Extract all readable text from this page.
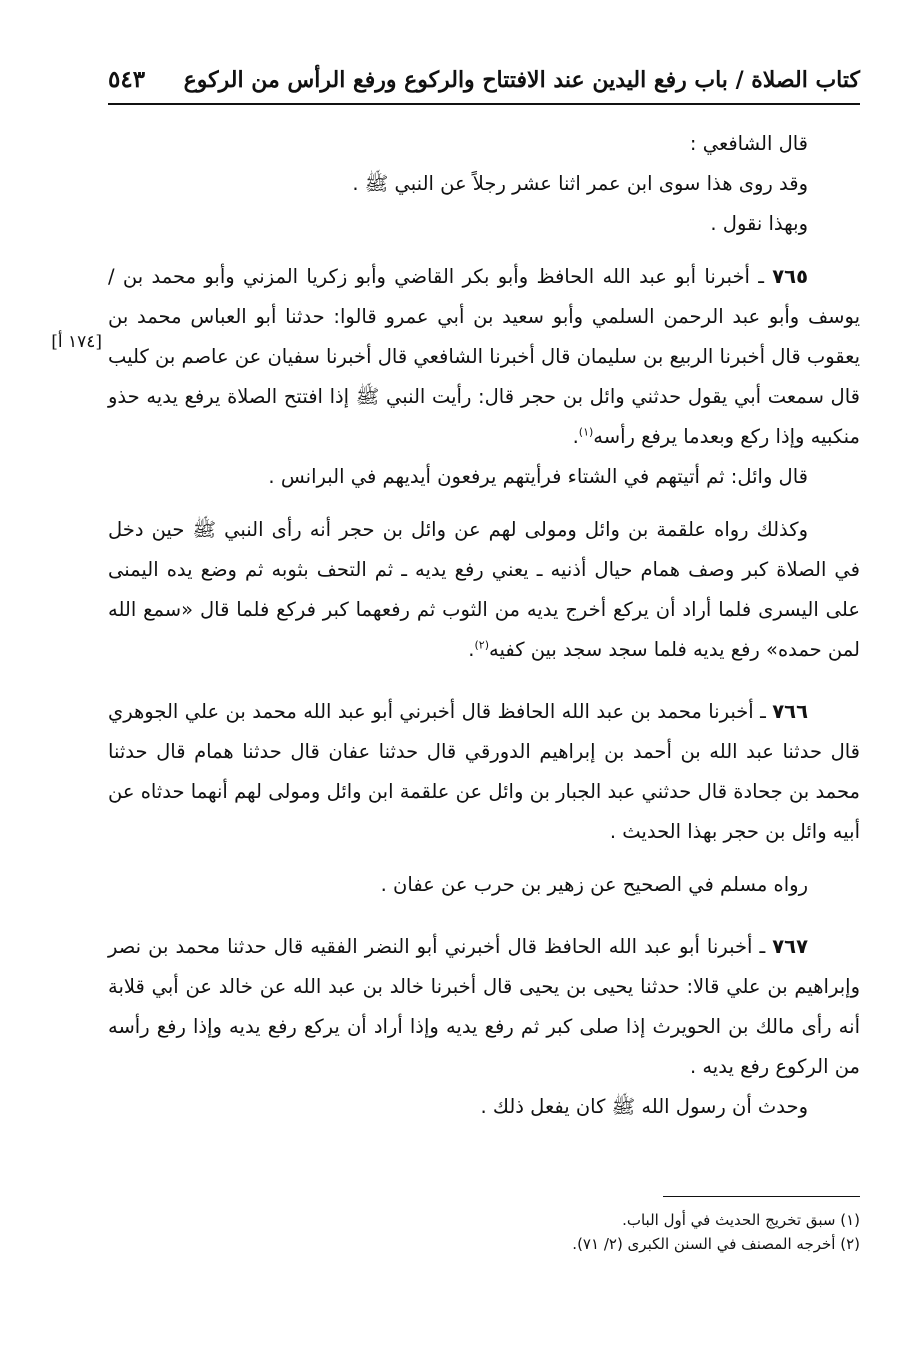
كتاب الصلاة / باب رفع اليدين عند الافتتاح والركوع ورفع الرأس من الركوع
٥٤٣
[١٧٤ أ]

قال الشافعي :

وقد روى هذا سوى ابن عمر اثنا عشر رجلاً عن النبي ﷺ .

وبهذا نقول .

٧٦٥ ـ أخبرنا أبو عبد الله الحافظ وأبو بكر القاضي وأبو زكريا المزني وأبو محمد بن /يوسف وأبو عبد الرحمن السلمي وأبو سعيد بن أبي عمرو قالوا: حدثنا أبو العباس محمد بن يعقوب قال أخبرنا الربيع بن سليمان قال أخبرنا الشافعي قال أخبرنا سفيان عن عاصم بن كليب قال سمعت أبي يقول حدثني وائل بن حجر قال: رأيت النبي ﷺ إذا افتتح الصلاة يرفع يديه حذو منكبيه وإذا ركع وبعدما يرفع رأسه$^{(١)}$.

قال وائل: ثم أتيتهم في الشتاء فرأيتهم يرفعون أيديهم في البرانس .

وكذلك رواه علقمة بن وائل ومولى لهم عن وائل بن حجر أنه رأى النبي ﷺ حين دخل في الصلاة كبر وصف همام حيال أذنيه ـ يعني رفع يديه ـ ثم التحف بثوبه ثم وضع يده اليمنى على اليسرى فلما أراد أن يركع أخرج يديه من الثوب ثم رفعهما كبر فركع فلما قال «سمع الله لمن حمده» رفع يديه فلما سجد سجد بين كفيه$^{(٢)}$.

٧٦٦ ـ أخبرنا محمد بن عبد الله الحافظ قال أخبرني أبو عبد الله محمد بن علي الجوهري قال حدثنا عبد الله بن أحمد بن إبراهيم الدورقي قال حدثنا عفان قال حدثنا همام قال حدثنا محمد بن جحادة قال حدثني عبد الجبار بن وائل عن علقمة ابن وائل ومولى لهم أنهما حدثاه عن أبيه وائل بن حجر بهذا الحديث .

رواه مسلم في الصحيح عن زهير بن حرب عن عفان .

٧٦٧ ـ أخبرنا أبو عبد الله الحافظ قال أخبرني أبو النضر الفقيه قال حدثنا محمد بن نصر وإبراهيم بن علي قالا: حدثنا يحيى بن يحيى قال أخبرنا خالد بن عبد الله عن خالد عن أبي قلابة أنه رأى مالك بن الحويرث إذا صلى كبر ثم رفع يديه وإذا أراد أن يركع رفع يديه وإذا رفع رأسه من الركوع رفع يديه .

وحدث أن رسول الله ﷺ كان يفعل ذلك .

(١) سبق تخريج الحديث في أول الباب.

(٢) أخرجه المصنف في السنن الكبرى (٢/ ٧١).
